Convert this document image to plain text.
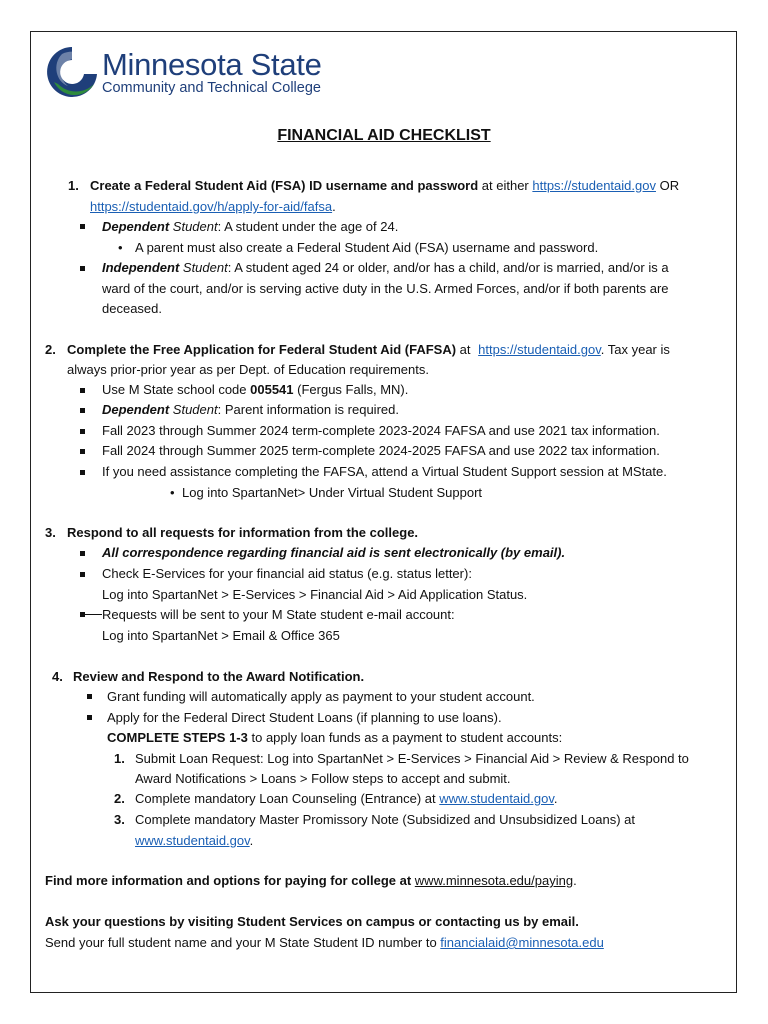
Minnesota State
Community and Technical College
FINANCIAL AID CHECKLIST
1. Create a Federal Student Aid (FSA) ID username and password at either https://studentaid.gov OR
https://studentaid.gov/h/apply-for-aid/fafsa.
Dependent Student: A student under the age of 24.
• A parent must also create a Federal Student Aid (FSA) username and password.
Independent Student: A student aged 24 or older, and/or has a child, and/or is married, and/or is a
ward of the court, and/or is serving active duty in the U.S. Armed Forces, and/or if both parents are
deceased.
2. Complete the Free Application for Federal Student Aid (FAFSA) at https://studentaid.gov. Tax year is
always prior-prior year as per Dept. of Education requirements.
Use M State school code 005541 (Fergus Falls, MN).
Dependent Student: Parent information is required.
Fall 2023 through Summer 2024 term-complete 2023-2024 FAFSA and use 2021 tax information.
Fall 2024 through Summer 2025 term-complete 2024-2025 FAFSA and use 2022 tax information.
If you need assistance completing the FAFSA, attend a Virtual Student Support session at MState.
• Log into SpartanNet> Under Virtual Student Support
3. Respond to all requests for information from the college.
All correspondence regarding financial aid is sent electronically (by email).
Check E-Services for your financial aid status (e.g. status letter):
Log into SpartanNet > E-Services > Financial Aid > Aid Application Status.
Requests will be sent to your M State student e-mail account:
Log into SpartanNet > Email & Office 365
4. Review and Respond to the Award Notification.
Grant funding will automatically apply as payment to your student account.
Apply for the Federal Direct Student Loans (if planning to use loans).
COMPLETE STEPS 1-3 to apply loan funds as a payment to student accounts:
1. Submit Loan Request: Log into SpartanNet > E-Services > Financial Aid > Review & Respond to
Award Notifications > Loans > Follow steps to accept and submit.
2. Complete mandatory Loan Counseling (Entrance) at www.studentaid.gov.
3. Complete mandatory Master Promissory Note (Subsidized and Unsubsidized Loans) at
www.studentaid.gov.
Find more information and options for paying for college at www.minnesota.edu/paying.
Ask your questions by visiting Student Services on campus or contacting us by email.
Send your full student name and your M State Student ID number to financialaid@minnesota.edu
